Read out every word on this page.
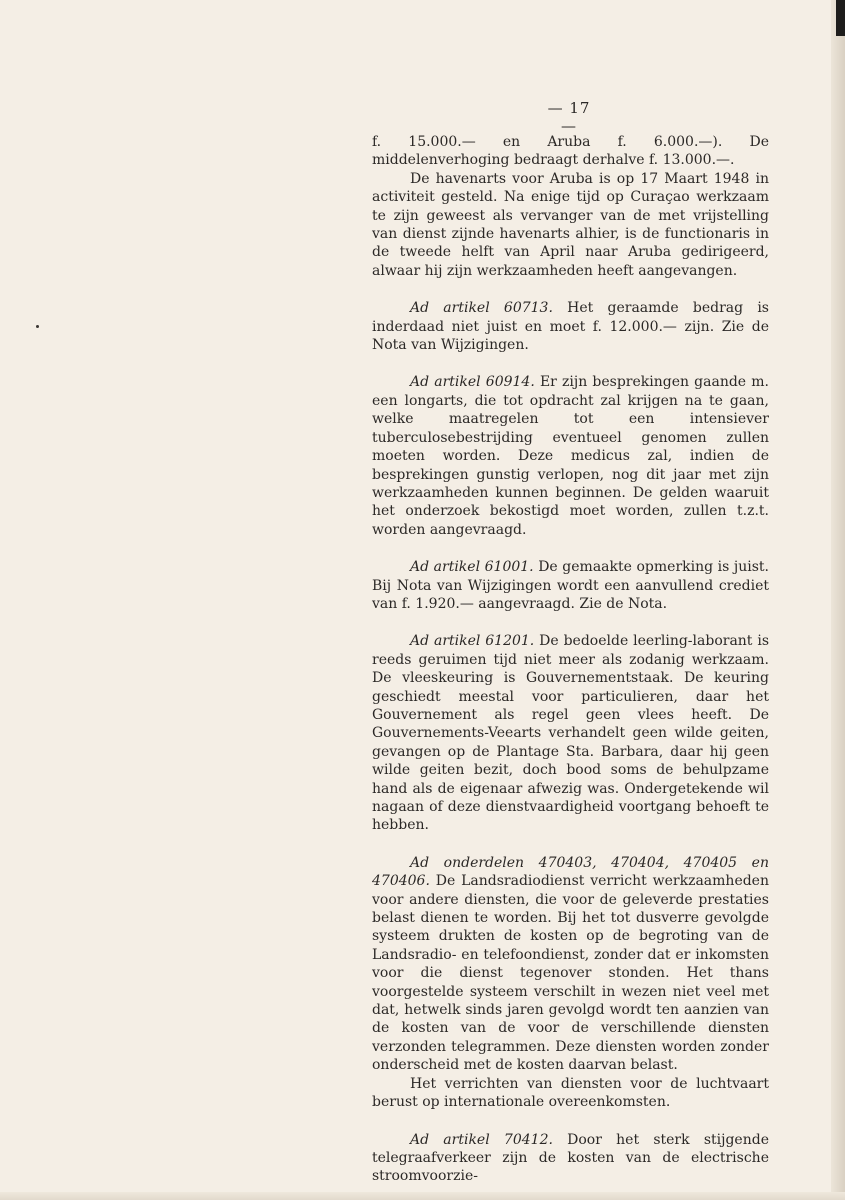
— 17 —

f. 15.000.— en Aruba f. 6.000.—). De middelenverhoging bedraagt derhalve f. 13.000.—.

De havenarts voor Aruba is op 17 Maart 1948 in activiteit gesteld. Na enige tijd op Curaçao werkzaam te zijn geweest als vervanger van de met vrijstelling van dienst zijnde havenarts alhier, is de functionaris in de tweede helft van April naar Aruba gedirigeerd, alwaar hij zijn werkzaamheden heeft aangevangen.

Ad artikel 60713. Het geraamde bedrag is inderdaad niet juist en moet f. 12.000.— zijn. Zie de Nota van Wijzigingen.

Ad artikel 60914. Er zijn besprekingen gaande m. een longarts, die tot opdracht zal krijgen na te gaan, welke maatregelen tot een intensiever tuberculosebestrijding eventueel genomen zullen moeten worden. Deze medicus zal, indien de besprekingen gunstig verlopen, nog dit jaar met zijn werkzaamheden kunnen beginnen. De gelden waaruit het onderzoek bekostigd moet worden, zullen t.z.t. worden aangevraagd.

Ad artikel 61001. De gemaakte opmerking is juist. Bij Nota van Wijzigingen wordt een aanvullend crediet van f. 1.920.— aangevraagd. Zie de Nota.

Ad artikel 61201. De bedoelde leerling-laborant is reeds geruimen tijd niet meer als zodanig werkzaam. De vleeskeuring is Gouvernementstaak. De keuring geschiedt meestal voor particulieren, daar het Gouvernement als regel geen vlees heeft. De Gouvernements-Veearts verhandelt geen wilde geiten, gevangen op de Plantage Sta. Barbara, daar hij geen wilde geiten bezit, doch bood soms de behulpzame hand als de eigenaar afwezig was. Ondergetekende wil nagaan of deze dienstvaardigheid voortgang behoeft te hebben.

Ad onderdelen 470403, 470404, 470405 en 470406. De Landsradiodienst verricht werkzaamheden voor andere diensten, die voor de geleverde prestaties belast dienen te worden. Bij het tot dusverre gevolgde systeem drukten de kosten op de begroting van de Landsradio- en telefoondienst, zonder dat er inkomsten voor die dienst tegenover stonden. Het thans voorgestelde systeem verschilt in wezen niet veel met dat, hetwelk sinds jaren gevolgd wordt ten aanzien van de kosten van de voor de verschillende diensten verzonden telegrammen. Deze diensten worden zonder onderscheid met de kosten daarvan belast.

Het verrichten van diensten voor de luchtvaart berust op internationale overeenkomsten.

Ad artikel 70412. Door het sterk stijgende telegraafverkeer zijn de kosten van de electrische stroomvoorzie-
